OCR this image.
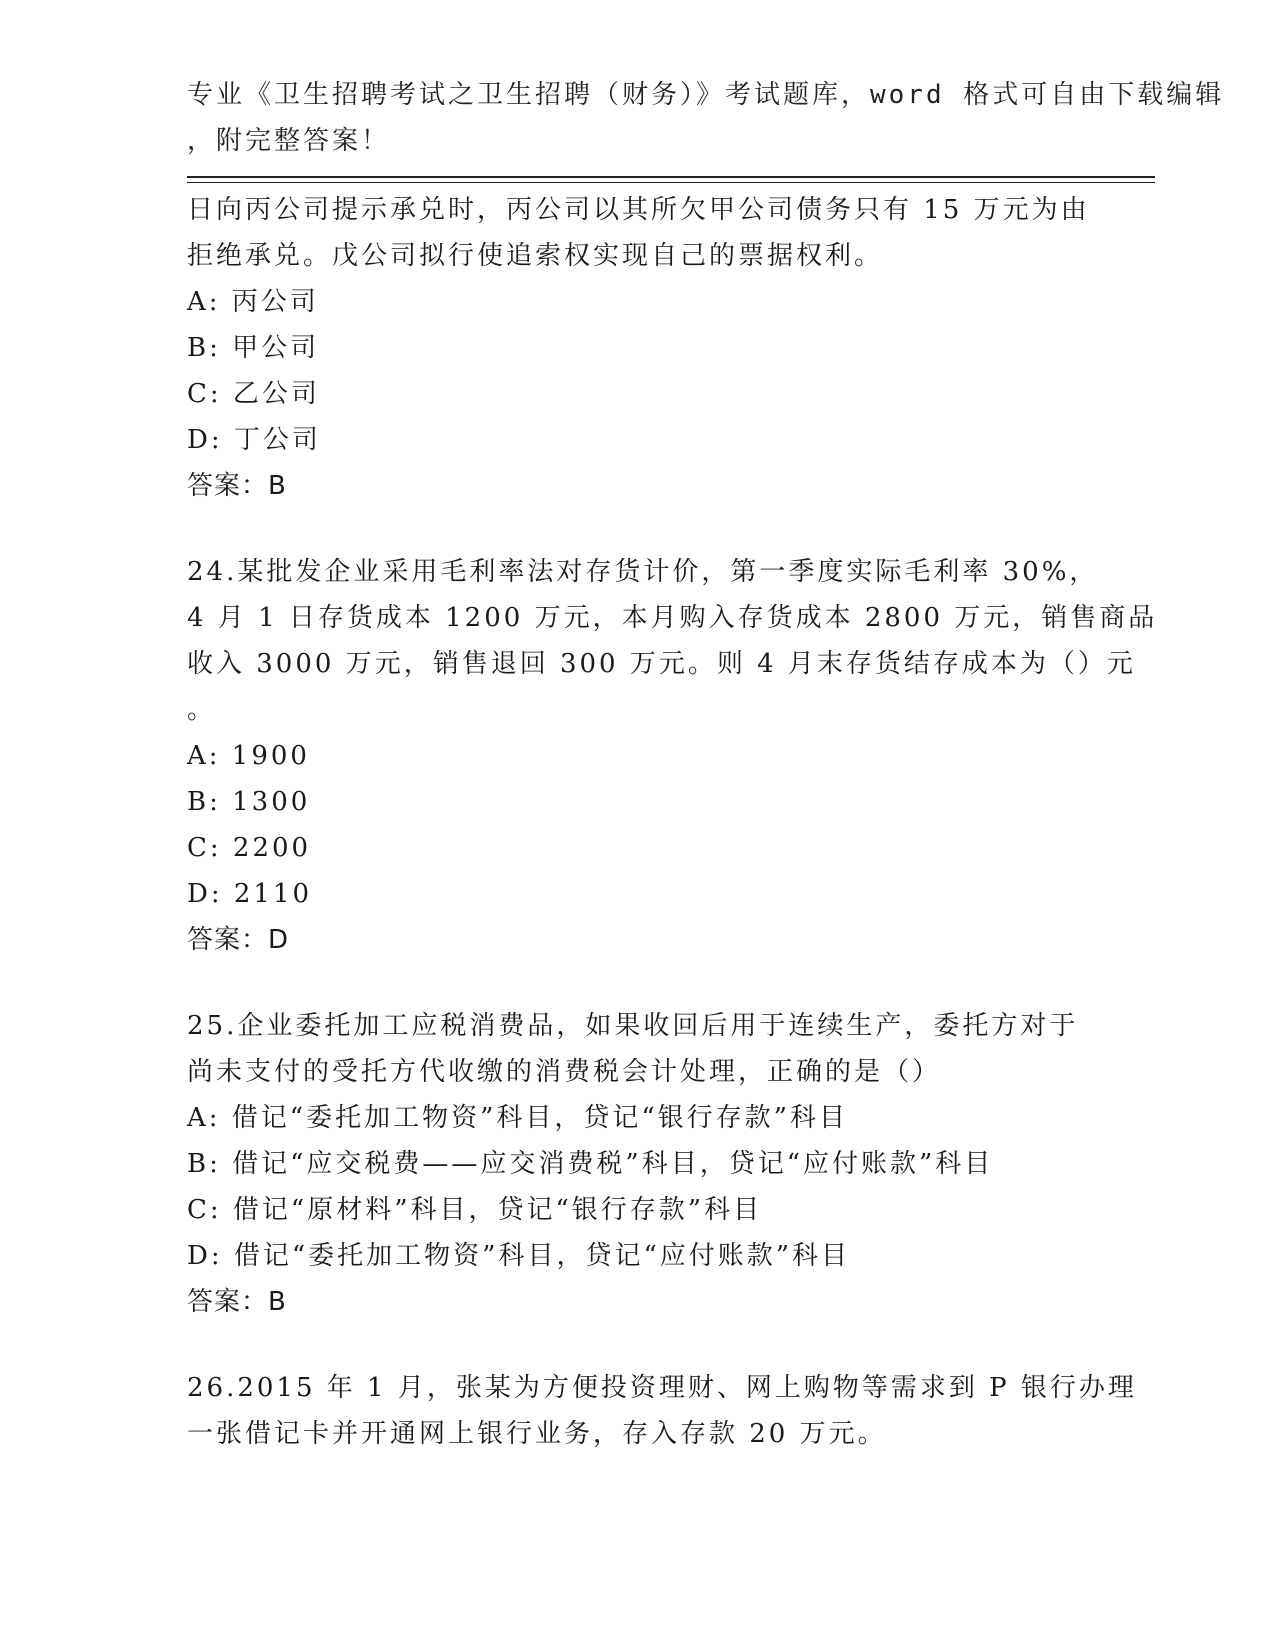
专业《卫生招聘考试之卫生招聘（财务）》考试题库，word 格式可自由下载编辑
，附完整答案！
日向丙公司提示承兑时，丙公司以其所欠甲公司债务只有 15 万元为由
拒绝承兑。戊公司拟行使追索权实现自己的票据权利。
A: 丙公司
B: 甲公司
C: 乙公司
D: 丁公司
答案：B
24.某批发企业采用毛利率法对存货计价，第一季度实际毛利率 30%，
4 月 1 日存货成本 1200 万元，本月购入存货成本 2800 万元，销售商品
收入 3000 万元，销售退回 300 万元。则 4 月末存货结存成本为（）元
。
A: 1900
B: 1300
C: 2200
D: 2110
答案：D
25.企业委托加工应税消费品，如果收回后用于连续生产，委托方对于
尚未支付的受托方代收缴的消费税会计处理，正确的是（）
A: 借记“委托加工物资”科目，贷记“银行存款”科目
B: 借记“应交税费——应交消费税”科目，贷记“应付账款”科目
C: 借记“原材料”科目，贷记“银行存款”科目
D: 借记“委托加工物资”科目，贷记“应付账款”科目
答案：B
26.2015 年 1 月，张某为方便投资理财、网上购物等需求到 P 银行办理
一张借记卡并开通网上银行业务，存入存款 20 万元。
